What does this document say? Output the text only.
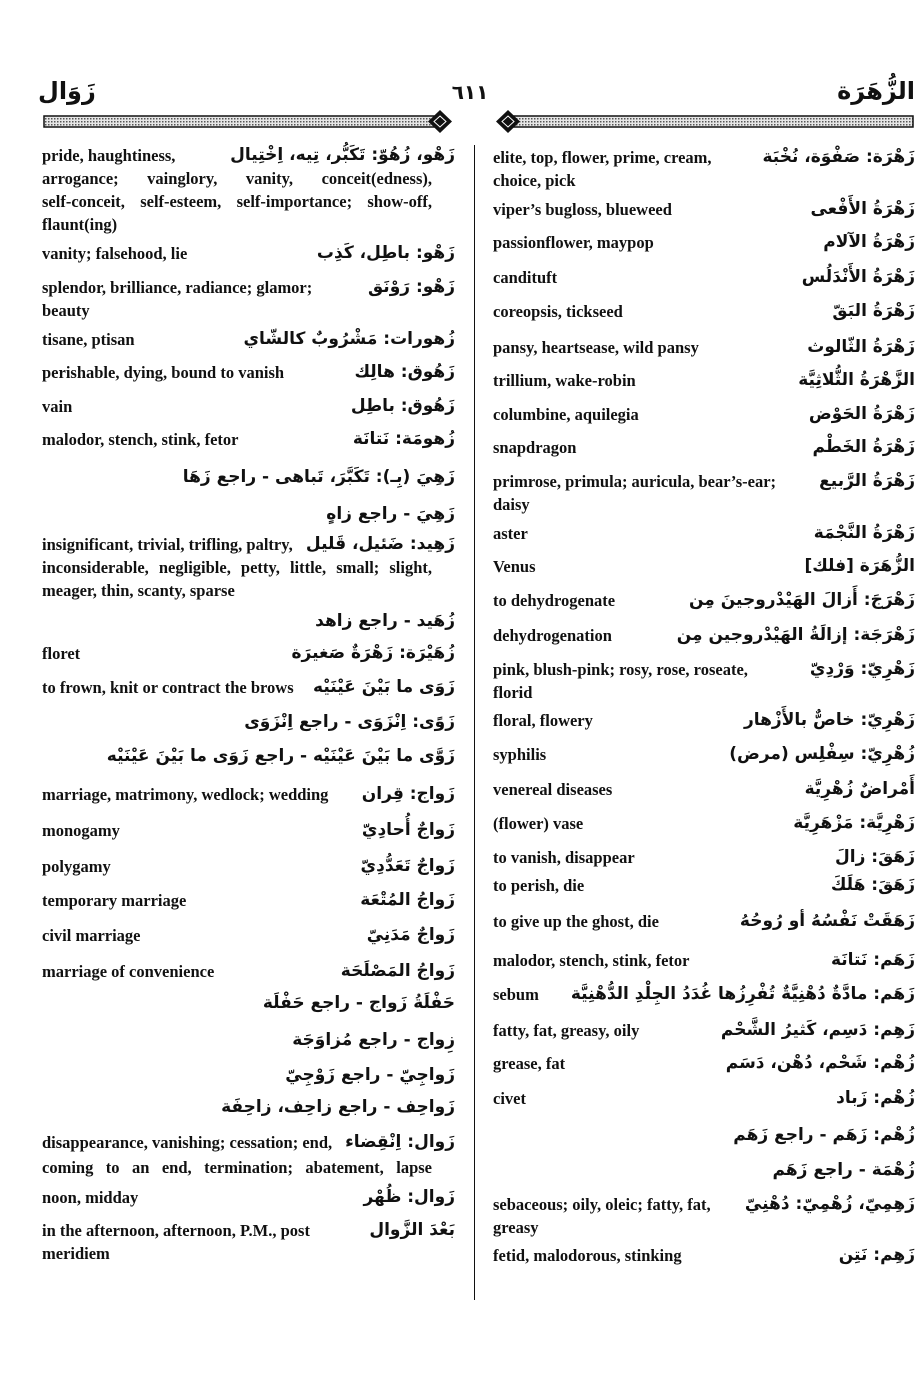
زَوَال	٦١١	الزُّهَرَة
pride, haughtiness,	زَهْو، زُهُوّ: تَكَبُّر، تِيه، اِخْتِيال
arrogance; vainglory, vanity, conceit(edness),
self-conceit, self-esteem, self-importance; show-off,
flaunt(ing)
vanity; falsehood, lie	زَهْو: باطِل، كَذِب
splendor, brilliance, radiance; glamor;	زَهْو: رَوْنَق
beauty
tisane, ptisan	زُهورات: مَشْرُوبٌ كالشّاي
perishable, dying, bound to vanish	زَهُوق: هالِك
vain	زَهُوق: باطِل
malodor, stench, stink, fetor	زُهومَة: نَتانَة
زَهِيَ (بِـ): تَكَبَّرَ، تَباهى - راجع زَهَا
زَهِيَ - راجع زاهٍ
insignificant, trivial, trifling, paltry, زَهِيد: ضَئيل، قَليل
inconsiderable, negligible, petty, little, small; slight,
meager, thin, scanty, sparse
زُهَيد - راجع زاهد
floret	زُهَيْرَة: زَهْرَةٌ صَغيرَة
to frown, knit or contract the brows زَوَى ما بَيْنَ عَيْنَيْه
زَوًى: اِنْزَوَى - راجع اِنْزَوَى
زَوَّى ما بَيْنَ عَيْنَيْه - راجع زَوَى ما بَيْنَ عَيْنَيْه
marriage, matrimony, wedlock; wedding زَواج: قِران
monogamy	زَواجٌ أُحادِيّ
polygamy	زَواجٌ تَعَدُّدِيّ
temporary marriage	زَواجُ المُتْعَة
civil marriage	زَواجٌ مَدَنِيّ
marriage of convenience	زَواجُ المَصْلَحَة
حَفْلَةُ زَواج - راجع حَفْلَة
زِواج - راجع مُزاوَجَة
زَواجِيّ - راجع زَوْجِيّ
زَواحِف - راجع زاحِف، زاحِفَة
disappearance, vanishing; cessation; end, زَوال: اِنْقِضاء
coming to an end, termination; abatement, lapse
noon, midday	زَوال: ظُهْر
in the afternoon, afternoon, P.M., post	بَعْدَ الزَّوال
meridiem
elite, top, flower, prime, cream,	زَهْرَة: صَفْوَة، نُخْبَة
choice, pick
viper’s bugloss, blueweed	زَهْرَةُ الأَفْعى
passionflower, maypop	زَهْرَةُ الآلام
candituft	زَهْرَةُ الأَنْدَلُس
coreopsis, tickseed	زَهْرَةُ البَقّ
pansy, heartsease, wild pansy	زَهْرَةُ الثّالوث
trillium, wake-robin	الزَّهْرَةُ الثُّلاثِيَّة
columbine, aquilegia	زَهْرَةُ الحَوْض
snapdragon	زَهْرَةُ الخَطْم
primrose, primula; auricula, bear’s-ear;	زَهْرَةُ الرَّبيع
daisy
aster	زَهْرَةُ النَّجْمَة
Venus	الزُّهَرَة [فلك]
to dehydrogenate	زَهْرَجَ: أَزالَ الهَيْدْروجينَ مِن
dehydrogenation	زَهْرَجَة: إزالَةُ الهَيْدْروجين مِن
pink, blush-pink; rosy, rose, roseate,	زَهْرِيّ: وَرْدِيّ
florid
floral, flowery	زَهْرِيّ: خاصٌّ بالأَزْهار
syphilis	زُهْرِيّ: سِفْلِس (مرض)
venereal diseases	أَمْراضٌ زُهْرِيَّة
(flower) vase	زَهْرِيَّة: مَزْهَرِيَّة
to vanish, disappear	زَهَقَ: زالَ
to perish, die	زَهَقَ: هَلَكَ
to give up the ghost, die	زَهَقَتْ نَفْسُهُ أو رُوحُهُ
malodor, stench, stink, fetor	زَهَم: نَتانَة
sebum زَهَم: مادَّةٌ دُهْنِيَّةٌ تُفْرِزُها غُدَدُ الجِلْدِ الدُّهْنِيَّة
fatty, fat, greasy, oily	زَهِم: دَسِم، كَثيرُ الشَّحْم
grease, fat	زُهْم: شَحْم، دُهْن، دَسَم
civet	زُهْم: زَباد
زُهْم: زَهَم - راجع زَهَم
زُهْمَة - راجع زَهَم
sebaceous; oily, oleic; fatty, fat, زَهِمِيّ، زُهْمِيّ: دُهْنِيّ
greasy
fetid, malodorous, stinking	زَهِم: نَتِن
